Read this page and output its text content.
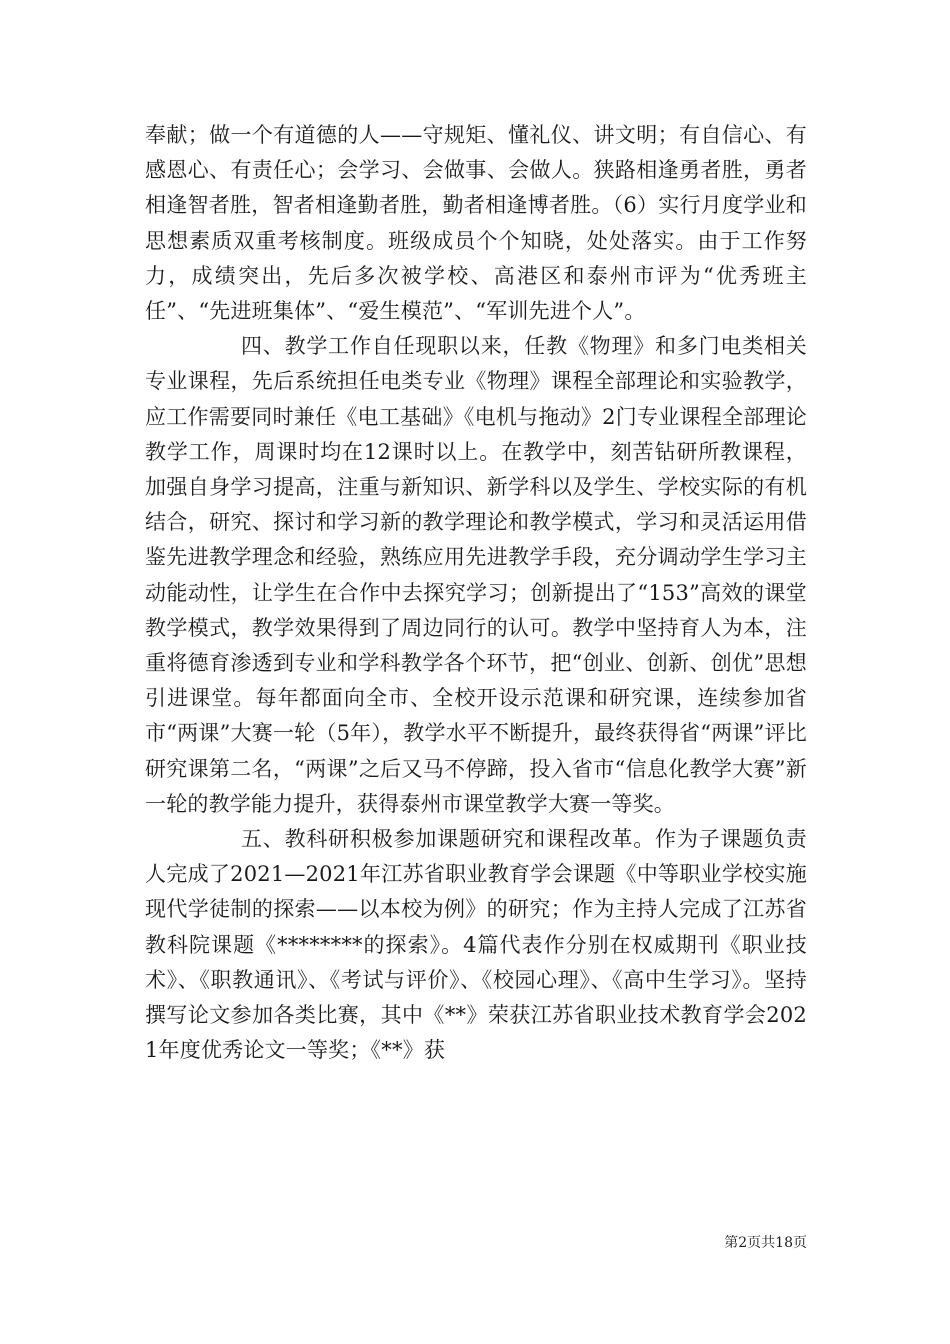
奉献；做一个有道德的人——守规矩、懂礼仪、讲文明；有自信心、有感恩心、有责任心；会学习、会做事、会做人。狭路相逢勇者胜，勇者相逢智者胜，智者相逢勤者胜，勤者相逢博者胜。（6）实行月度学业和思想素质双重考核制度。班级成员个个知晓，处处落实。由于工作努力，成绩突出，先后多次被学校、高港区和泰州市评为“优秀班主任”、“先进班集体”、“爱生模范”、“军训先进个人”。

四、教学工作自任现职以来，任教《物理》和多门电类相关专业课程，先后系统担任电类专业《物理》课程全部理论和实验教学，应工作需要同时兼任《电工基础》《电机与拖动》2门专业课程全部理论教学工作，周课时均在12课时以上。在教学中，刻苦钻研所教课程，加强自身学习提高，注重与新知识、新学科以及学生、学校实际的有机结合，研究、探讨和学习新的教学理论和教学模式，学习和灵活运用借鉴先进教学理念和经验，熟练应用先进教学手段，充分调动学生学习主动能动性，让学生在合作中去探究学习；创新提出了“153”高效的课堂教学模式，教学效果得到了周边同行的认可。教学中坚持育人为本，注重将德育渗透到专业和学科教学各个环节，把“创业、创新、创优”思想引进课堂。每年都面向全市、全校开设示范课和研究课，连续参加省市“两课”大赛一轮（5年），教学水平不断提升，最终获得省“两课”评比研究课第二名，“两课”之后又马不停蹄，投入省市“信息化教学大赛”新一轮的教学能力提升，获得泰州市课堂教学大赛一等奖。

五、教科研积极参加课题研究和课程改革。作为子课题负责人完成了2021—2021年江苏省职业教育学会课题《中等职业学校实施现代学徒制的探索——以本校为例》的研究；作为主持人完成了江苏省教科院课题《********的探索》。4篇代表作分别在权威期刊《职业技术》、《职教通讯》、《考试与评价》、《校园心理》、《高中生学习》。坚持撰写论文参加各类比赛，其中《**》荣获江苏省职业技术教育学会2021年度优秀论文一等奖；《**》获

第2页共18页
